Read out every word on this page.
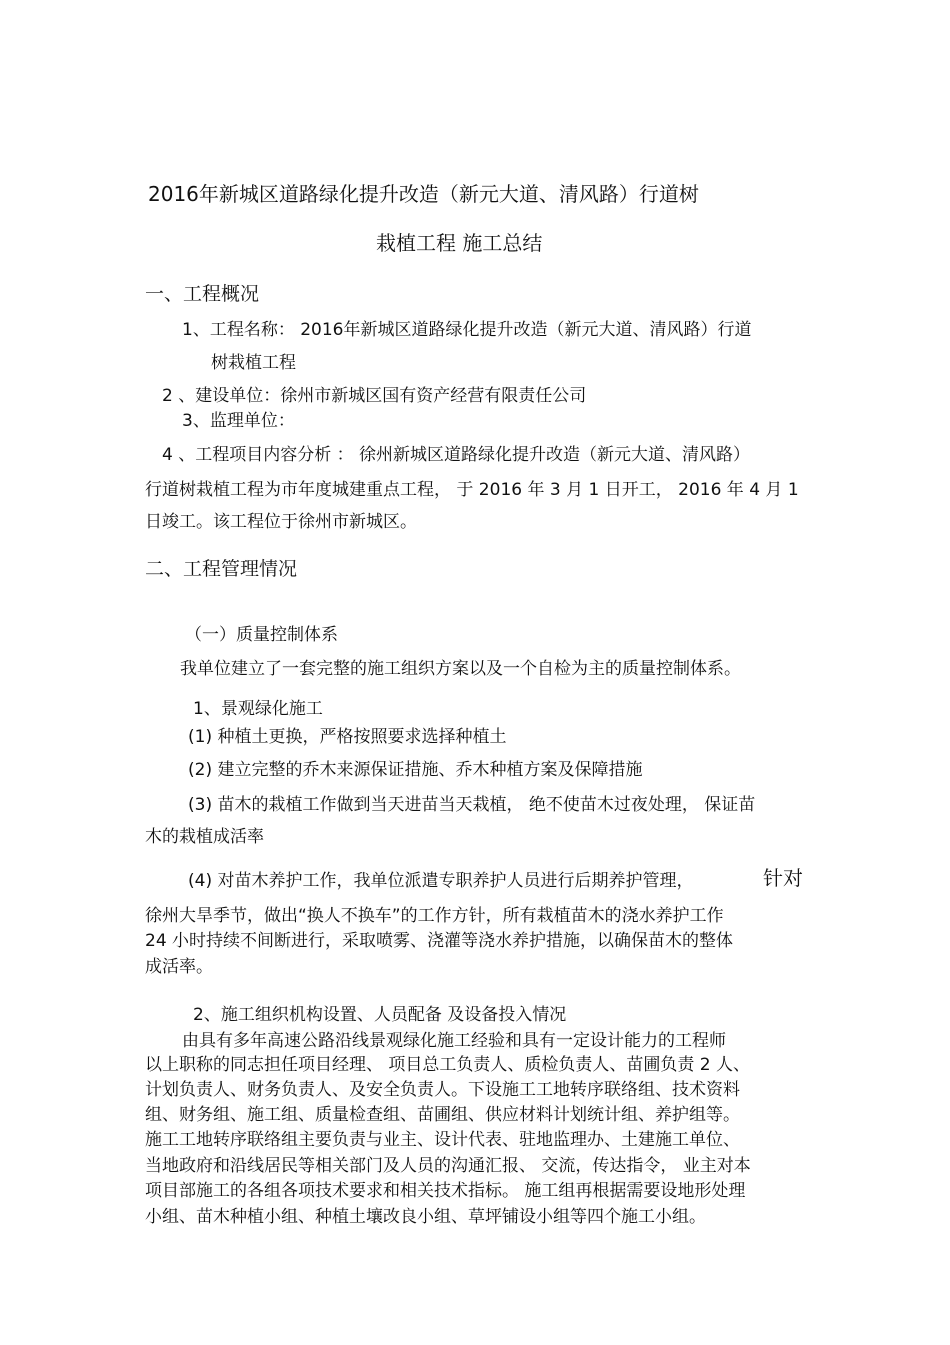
2016年新城区道路绿化提升改造（新元大道、清风路）行道树
栽植工程 施工总结
一、工程概况
1、工程名称： 2016年新城区道路绿化提升改造（新元大道、清风路）行道
树栽植工程
2 、建设单位：徐州市新城区国有资产经营有限责任公司
3、监理单位：
4 、工程项目内容分析 ： 徐州新城区道路绿化提升改造（新元大道、清风路）
行道树栽植工程为市年度城建重点工程， 于 2016 年 3 月 1 日开工， 2016 年 4 月 1
日竣工。该工程位于徐州市新城区。
二、工程管理情况
（一）质量控制体系
我单位建立了一套完整的施工组织方案以及一个自检为主的质量控制体系。
1、景观绿化施工
(1) 种植土更换，严格按照要求选择种植土
(2) 建立完整的乔木来源保证措施、乔木种植方案及保障措施
(3) 苗木的栽植工作做到当天进苗当天栽植， 绝不使苗木过夜处理， 保证苗
木的栽植成活率
(4) 对苗木养护工作，我单位派遣专职养护人员进行后期养护管理，	针对
徐州大旱季节，做出“换人不换车”的工作方针，所有栽植苗木的浇水养护工作
24 小时持续不间断进行，采取喷雾、浇灌等浇水养护措施，以确保苗木的整体
成活率。
2、施工组织机构设置、人员配备 及设备投入情况
由具有多年高速公路沿线景观绿化施工经验和具有一定设计能力的工程师
以上职称的同志担任项目经理、 项目总工负责人、质检负责人、苗圃负责 2 人、
计划负责人、财务负责人、及安全负责人。下设施工工地转序联络组、技术资料
组、财务组、施工组、质量检查组、苗圃组、供应材料计划统计组、养护组等。
施工工地转序联络组主要负责与业主、设计代表、驻地监理办、土建施工单位、
当地政府和沿线居民等相关部门及人员的沟通汇报、 交流，传达指令， 业主对本
项目部施工的各组各项技术要求和相关技术指标。 施工组再根据需要设地形处理
小组、苗木种植小组、种植土壤改良小组、草坪铺设小组等四个施工小组。
